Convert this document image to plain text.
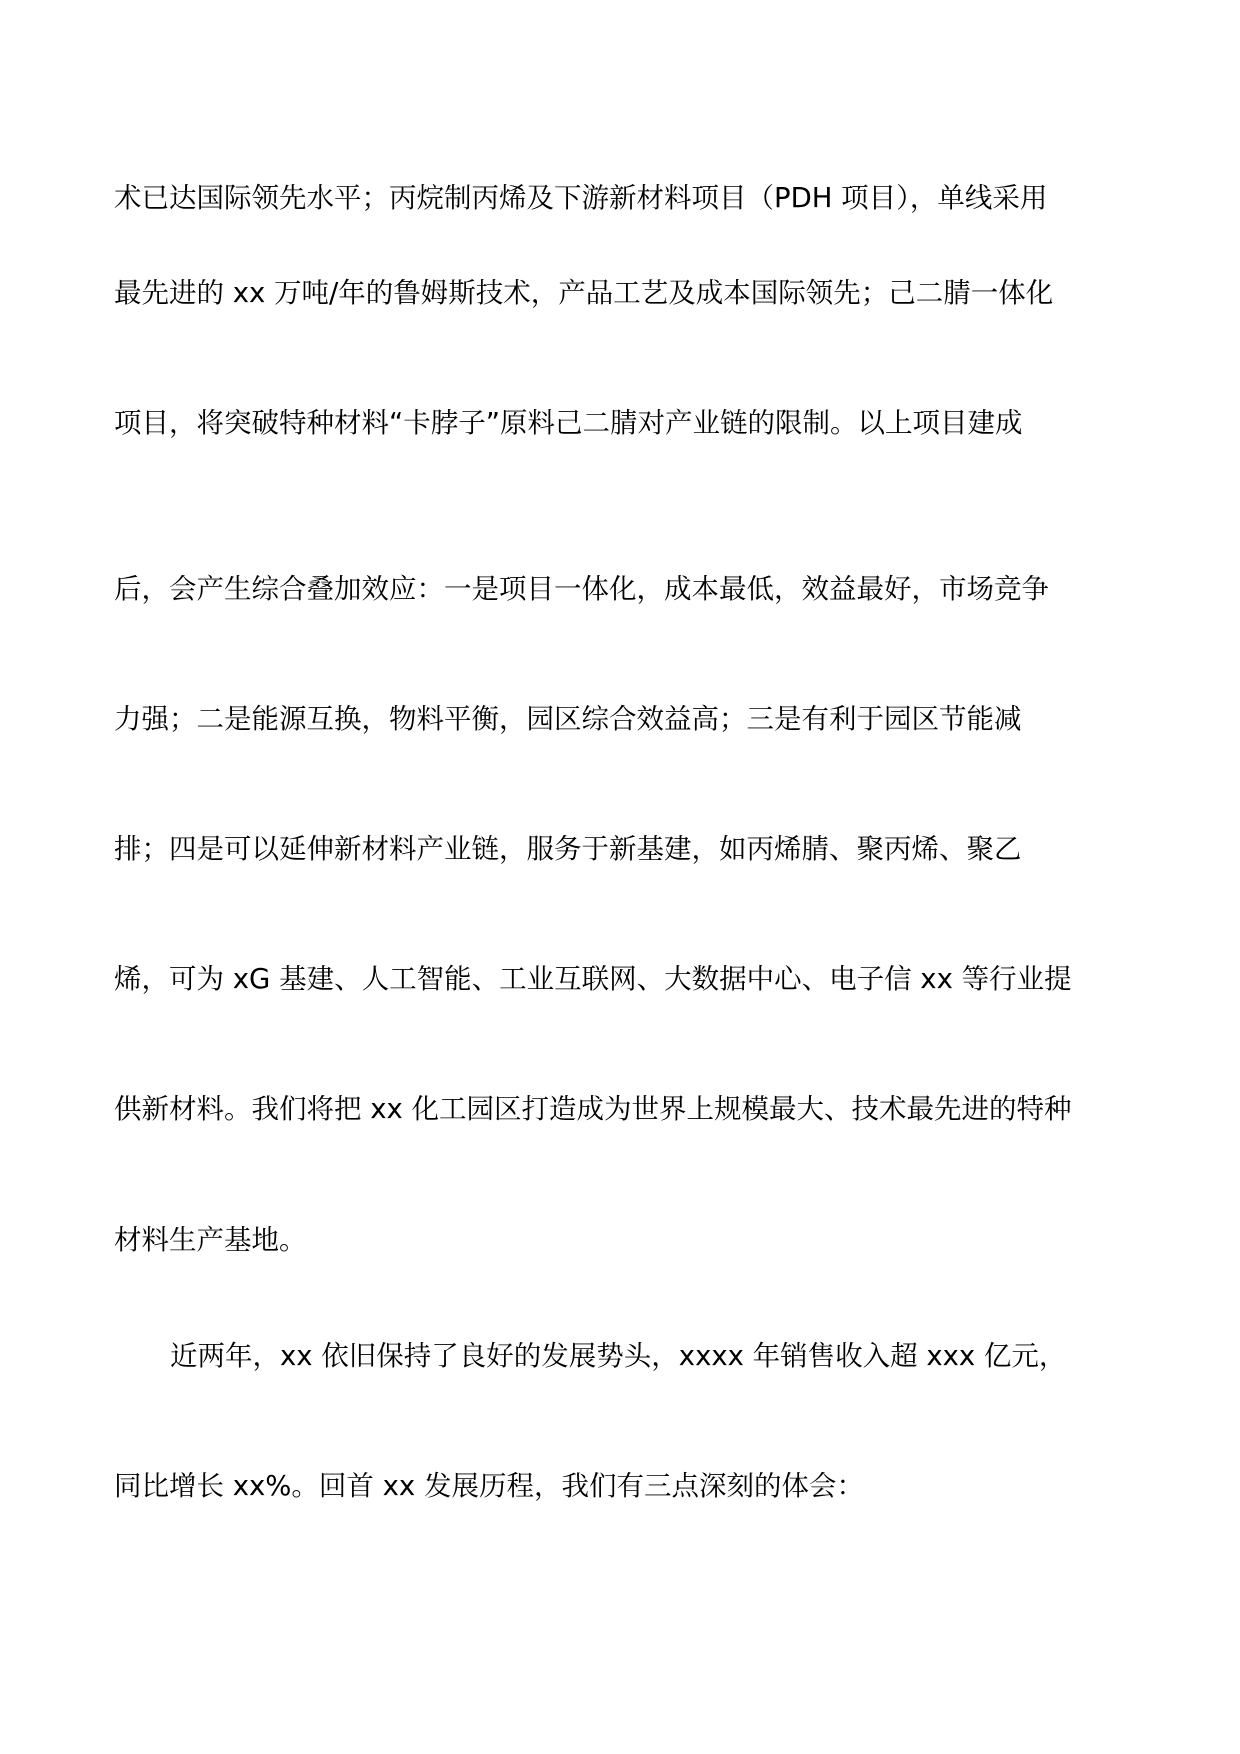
术已达国际领先水平；丙烷制丙烯及下游新材料项目（PDH 项目），单线采用

最先进的 xx 万吨/年的鲁姆斯技术，产品工艺及成本国际领先；己二腈一体化

项目，将突破特种材料“卡脖子”原料己二腈对产业链的限制。以上项目建成

后，会产生综合叠加效应：一是项目一体化，成本最低，效益最好，市场竞争

力强；二是能源互换，物料平衡，园区综合效益高；三是有利于园区节能减

排；四是可以延伸新材料产业链，服务于新基建，如丙烯腈、聚丙烯、聚乙

烯，可为 xG 基建、人工智能、工业互联网、大数据中心、电子信 xx 等行业提

供新材料。我们将把 xx 化工园区打造成为世界上规模最大、技术最先进的特种

材料生产基地。

近两年，xx 依旧保持了良好的发展势头，xxxx 年销售收入超 xxx 亿元，

同比增长 xx%。回首 xx 发展历程，我们有三点深刻的体会：
